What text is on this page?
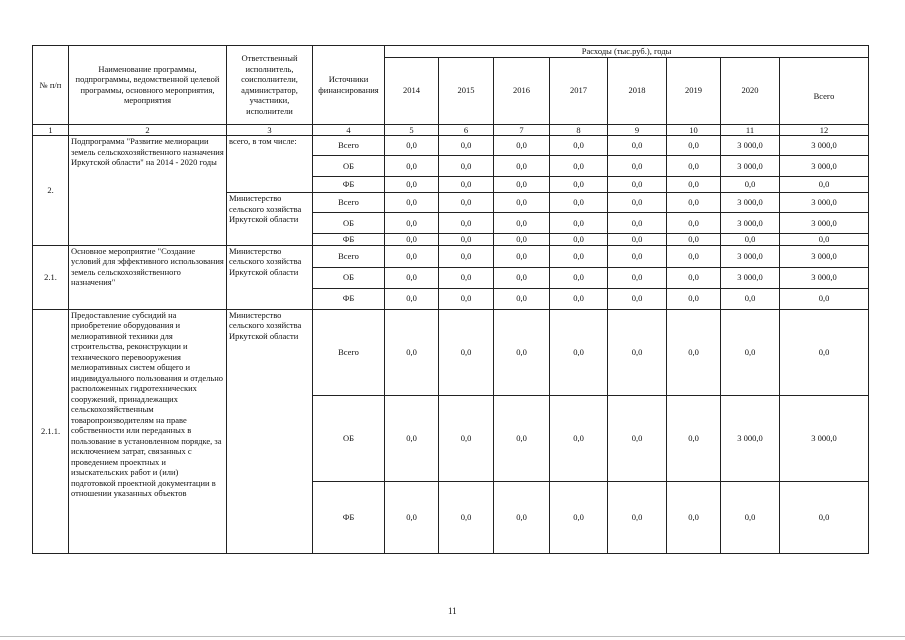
№ п/п	Наименование программы, подпрограммы, ведомственной целевой программы, основного мероприятия, мероприятия	Ответственный исполнитель, соисполнители, администратор, участники, исполнители	Источники финансирования	Расходы (тыс.руб.), годы							
				2014	2015	2016	2017	2018	2019	2020	Всего
1	2	3	4	5	6	7	8	9	10	11	12
2.	Подпрограмма "Развитие мелиорации земель сельскохозяйственного назначения Иркутской области" на 2014 - 2020 годы	всего, в том числе:	Всего	0,0	0,0	0,0	0,0	0,0	0,0	3 000,0	3 000,0
			ОБ	0,0	0,0	0,0	0,0	0,0	0,0	3 000,0	3 000,0
			ФБ	0,0	0,0	0,0	0,0	0,0	0,0	0,0	0,0
		Министерство сельского хозяйства Иркутской области	Всего	0,0	0,0	0,0	0,0	0,0	0,0	3 000,0	3 000,0
			ОБ	0,0	0,0	0,0	0,0	0,0	0,0	3 000,0	3 000,0
			ФБ	0,0	0,0	0,0	0,0	0,0	0,0	0,0	0,0
2.1.	Основное мероприятие "Создание условий для эффективного использования земель сельскохозяйственного назначения"	Министерство сельского хозяйства Иркутской области	Всего	0,0	0,0	0,0	0,0	0,0	0,0	3 000,0	3 000,0
			ОБ	0,0	0,0	0,0	0,0	0,0	0,0	3 000,0	3 000,0
			ФБ	0,0	0,0	0,0	0,0	0,0	0,0	0,0	0,0
2.1.1.	Предоставление субсидий на приобретение оборудования и мелиоративной техники для строительства, реконструкции и технического перевооружения мелиоративных систем общего и индивидуального пользования и отдельно расположенных гидротехнических сооружений, принадлежащих сельскохозяйственным товаропроизводителям на праве собственности или переданных в пользование в установленном порядке, за исключением затрат, связанных с проведением проектных и изыскательских работ и (или) подготовкой проектной документации в отношении указанных объектов	Министерство сельского хозяйства Иркутской области	Всего	0,0	0,0	0,0	0,0	0,0	0,0	0,0	0,0
			ОБ	0,0	0,0	0,0	0,0	0,0	0,0	3 000,0	3 000,0
			ФБ	0,0	0,0	0,0	0,0	0,0	0,0	0,0	0,0
11
